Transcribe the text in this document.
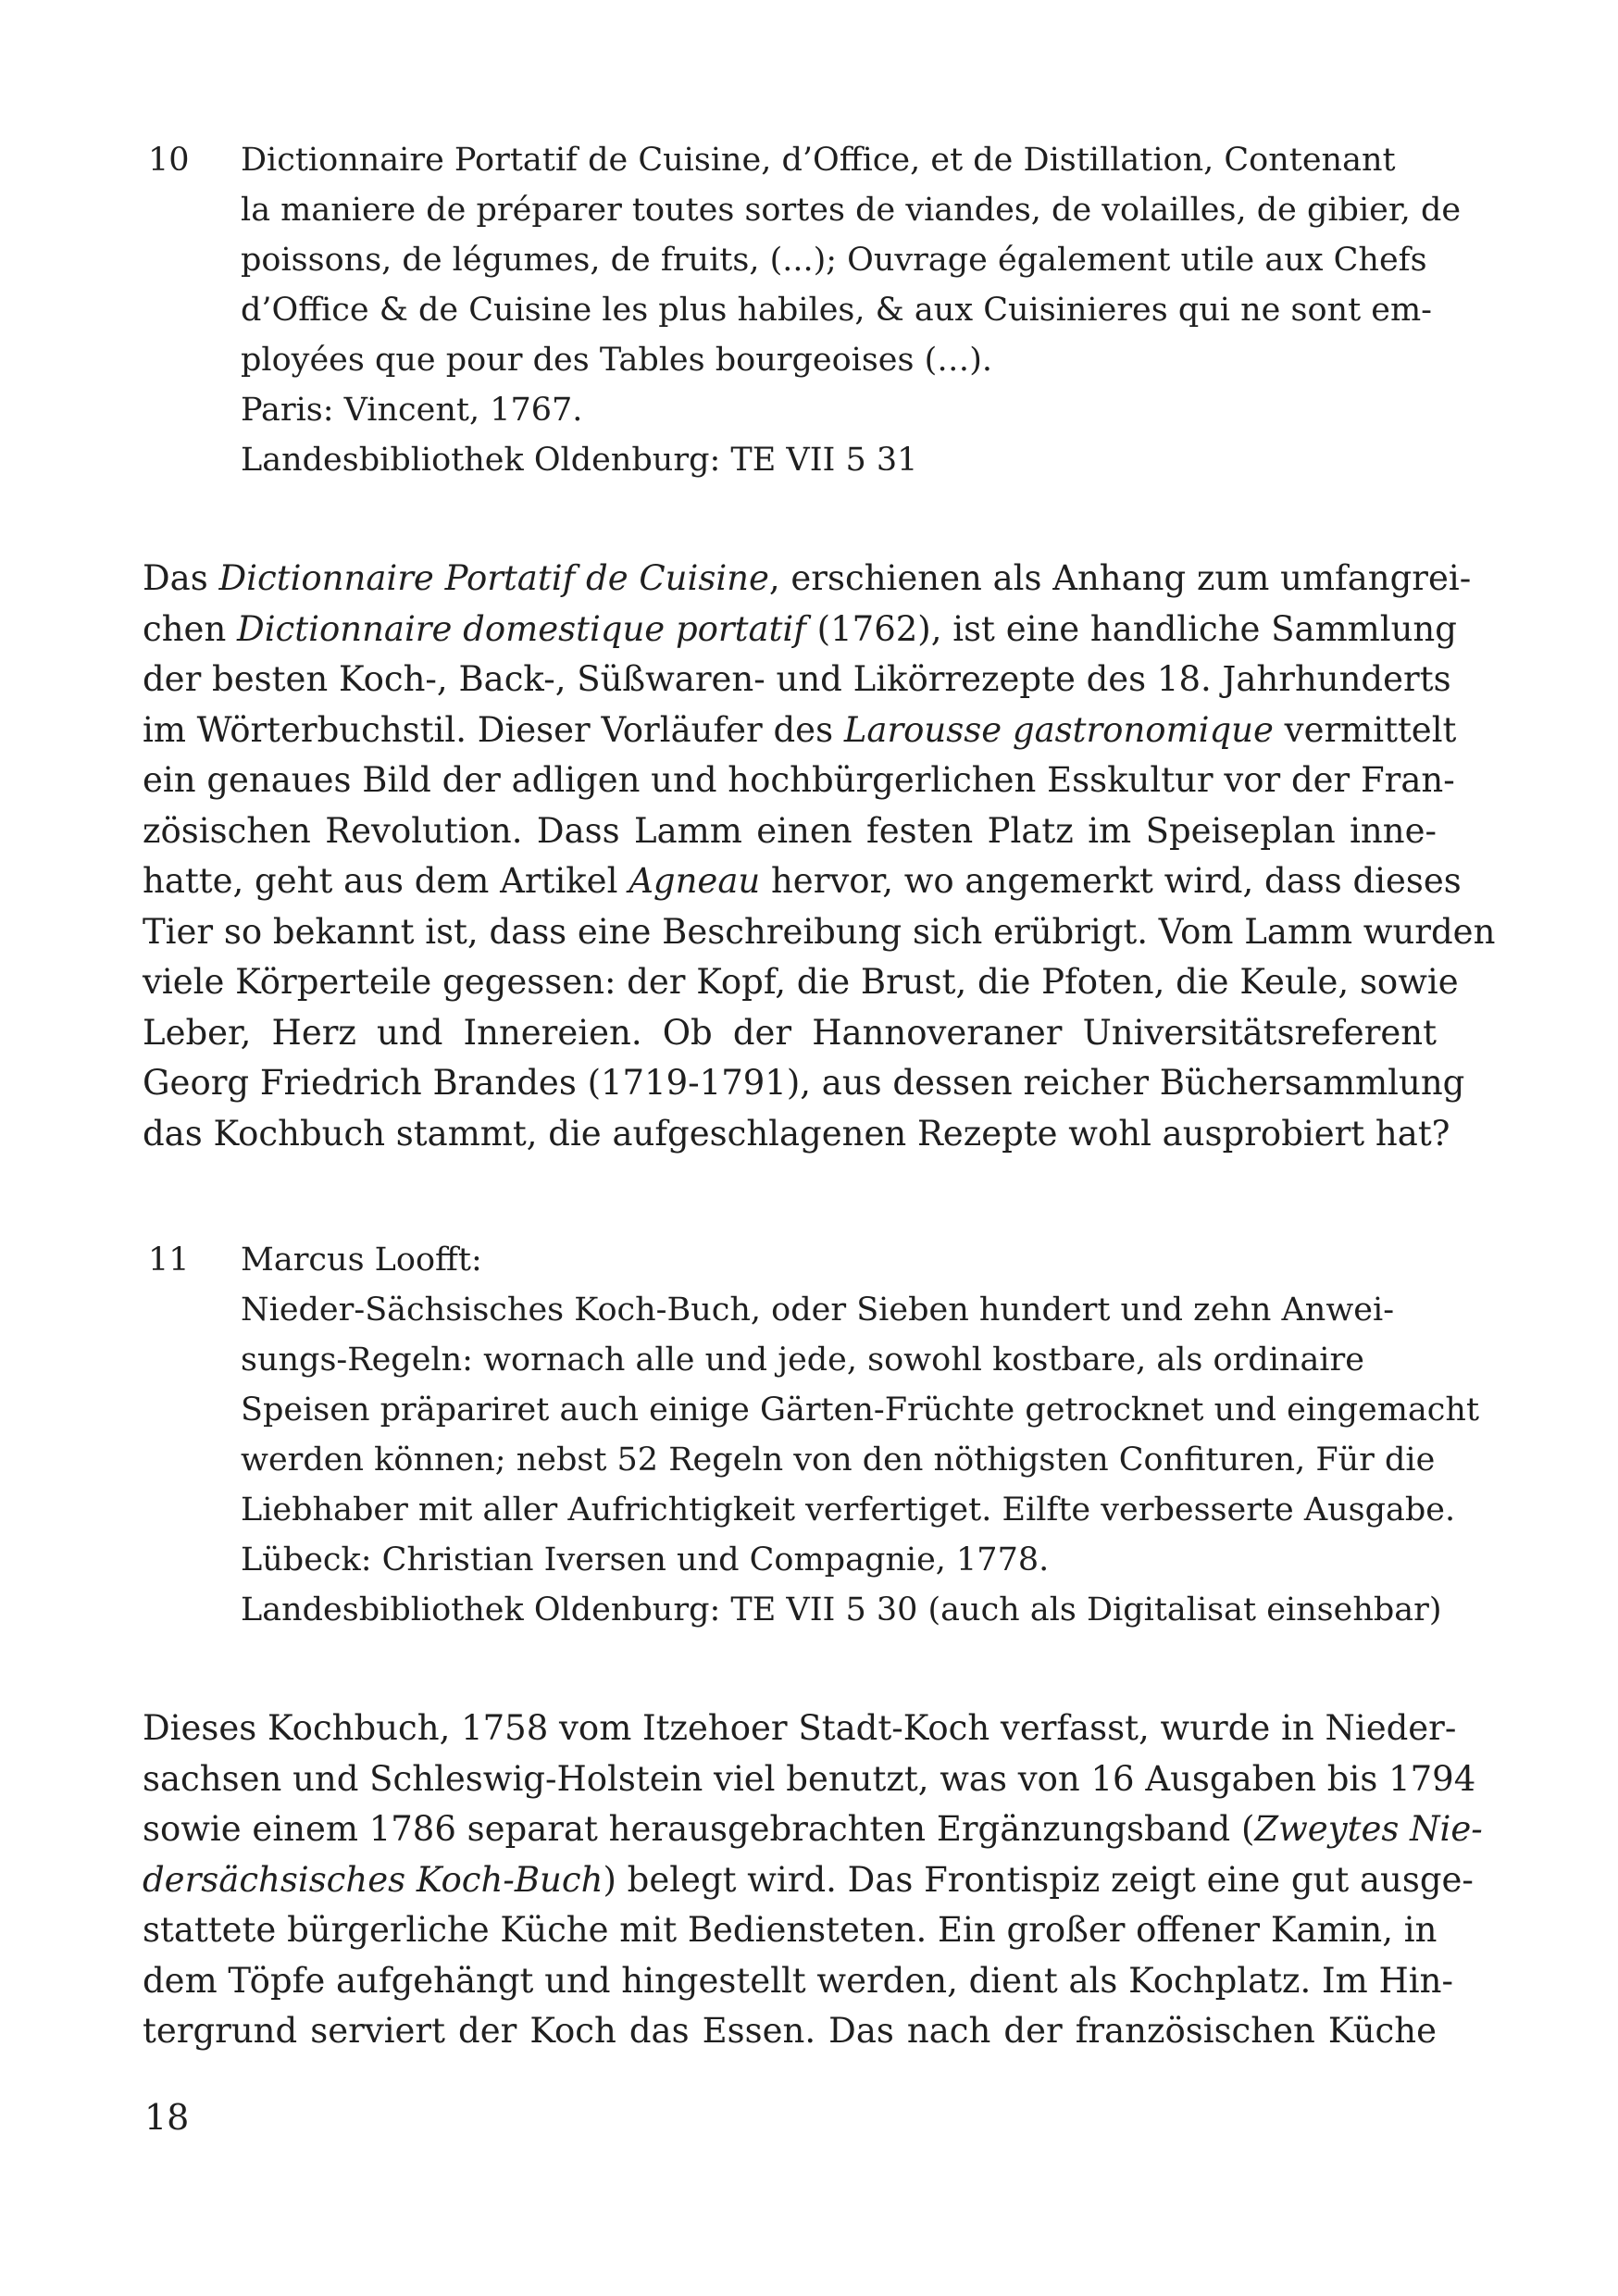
10	Dictionnaire Portatif de Cuisine, d’Office, et de Distillation, Contenant
la maniere de préparer toutes sortes de viandes, de volailles, de gibier, de
poissons, de légumes, de fruits, (...); Ouvrage également utile aux Chefs
d’Office & de Cuisine les plus habiles, & aux Cuisinieres qui ne sont em-
ployées que pour des Tables bourgeoises (…).
Paris: Vincent, 1767.
Landesbibliothek Oldenburg: TE VII 5 31
Das Dictionnaire Portatif de Cuisine, erschienen als Anhang zum umfangrei-
chen Dictionnaire domestique portatif (1762), ist eine handliche Sammlung
der besten Koch-, Back-, Süßwaren- und Likörrezepte des 18. Jahrhunderts
im Wörterbuchstil. Dieser Vorläufer des Larousse gastronomique vermittelt
ein genaues Bild der adligen und hochbürgerlichen Esskultur vor der Fran-
zösischen Revolution. Dass Lamm einen festen Platz im Speiseplan inne-
hatte, geht aus dem Artikel Agneau hervor, wo angemerkt wird, dass dieses
Tier so bekannt ist, dass eine Beschreibung sich erübrigt. Vom Lamm wurden
viele Körperteile gegessen: der Kopf, die Brust, die Pfoten, die Keule, sowie
Leber, Herz und Innereien. Ob der Hannoveraner Universitätsreferent
Georg Friedrich Brandes (1719-1791), aus dessen reicher Büchersammlung
das Kochbuch stammt, die aufgeschlagenen Rezepte wohl ausprobiert hat?
11	Marcus Loofft:
Nieder-Sächsisches Koch-Buch, oder Sieben hundert und zehn Anwei-
sungs-Regeln: wornach alle und jede, sowohl kostbare, als ordinaire
Speisen präpariret auch einige Gärten-Früchte getrocknet und eingemacht
werden können; nebst 52 Regeln von den nöthigsten Confituren, Für die
Liebhaber mit aller Aufrichtigkeit verfertiget. Eilfte verbesserte Ausgabe.
Lübeck: Christian Iversen und Compagnie, 1778.
Landesbibliothek Oldenburg: TE VII 5 30 (auch als Digitalisat einsehbar)
Dieses Kochbuch, 1758 vom Itzehoer Stadt-Koch verfasst, wurde in Nieder-
sachsen und Schleswig-Holstein viel benutzt, was von 16 Ausgaben bis 1794
sowie einem 1786 separat herausgebrachten Ergänzungsband (Zweytes Nie-
dersächsisches Koch-Buch) belegt wird. Das Frontispiz zeigt eine gut ausge-
stattete bürgerliche Küche mit Bediensteten. Ein großer offener Kamin, in
dem Töpfe aufgehängt und hingestellt werden, dient als Kochplatz. Im Hin-
tergrund serviert der Koch das Essen. Das nach der französischen Küche
18
